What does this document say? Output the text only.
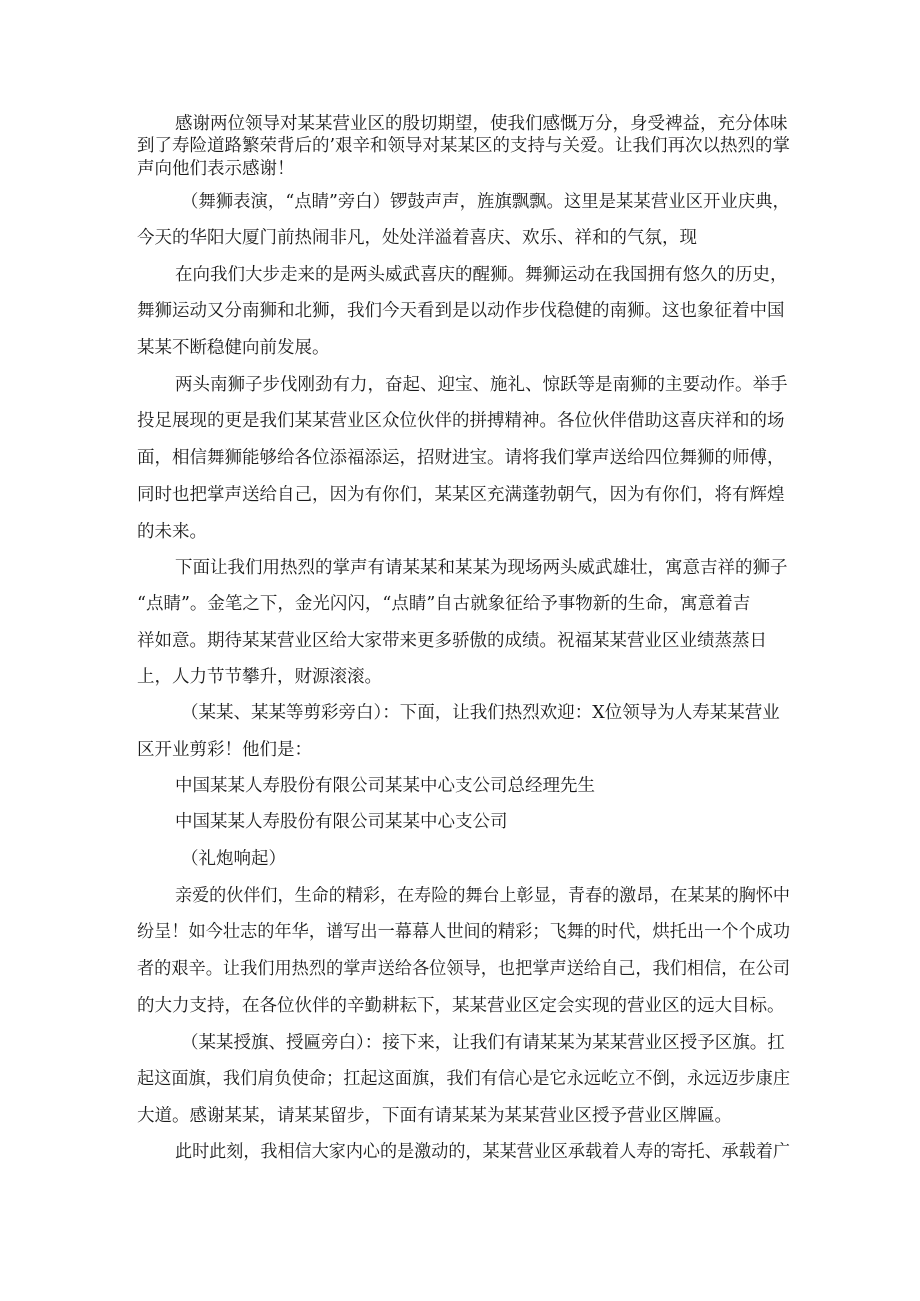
感谢两位领导对某某营业区的殷切期望，使我们感慨万分，身受裨益，充分体味
到了寿险道路繁荣背后的’艰辛和领导对某某区的支持与关爱。让我们再次以热烈的掌
声向他们表示感谢！
（舞狮表演，“点睛”旁白）锣鼓声声，旌旗飘飘。这里是某某营业区开业庆典，
今天的华阳大厦门前热闹非凡，处处洋溢着喜庆、欢乐、祥和的气氛，现
在向我们大步走来的是两头威武喜庆的醒狮。舞狮运动在我国拥有悠久的历史，
舞狮运动又分南狮和北狮，我们今天看到是以动作步伐稳健的南狮。这也象征着中国
某某不断稳健向前发展。
两头南狮子步伐刚劲有力，奋起、迎宝、施礼、惊跃等是南狮的主要动作。举手
投足展现的更是我们某某营业区众位伙伴的拼搏精神。各位伙伴借助这喜庆祥和的场
面，相信舞狮能够给各位添福添运，招财进宝。请将我们掌声送给四位舞狮的师傅，
同时也把掌声送给自己，因为有你们，某某区充满蓬勃朝气，因为有你们，将有辉煌
的未来。
下面让我们用热烈的掌声有请某某和某某为现场两头威武雄壮，寓意吉祥的狮子
“点睛”。金笔之下，金光闪闪，“点睛”自古就象征给予事物新的生命，寓意着吉
祥如意。期待某某营业区给大家带来更多骄傲的成绩。祝福某某营业区业绩蒸蒸日
上，人力节节攀升，财源滚滚。
（某某、某某等剪彩旁白）：下面，让我们热烈欢迎：X位领导为人寿某某营业
区开业剪彩！他们是：
中国某某人寿股份有限公司某某中心支公司总经理先生
中国某某人寿股份有限公司某某中心支公司
（礼炮响起）
亲爱的伙伴们，生命的精彩，在寿险的舞台上彰显，青春的激昂，在某某的胸怀中
纷呈！如今壮志的年华，谱写出一幕幕人世间的精彩；飞舞的时代，烘托出一个个成功
者的艰辛。让我们用热烈的掌声送给各位领导，也把掌声送给自己，我们相信，在公司
的大力支持，在各位伙伴的辛勤耕耘下，某某营业区定会实现的营业区的远大目标。
（某某授旗、授匾旁白）：接下来，让我们有请某某为某某营业区授予区旗。扛
起这面旗，我们肩负使命；扛起这面旗，我们有信心是它永远屹立不倒，永远迈步康庄
大道。感谢某某，请某某留步，下面有请某某为某某营业区授予营业区牌匾。
此时此刻，我相信大家内心的是激动的，某某营业区承载着人寿的寄托、承载着广
